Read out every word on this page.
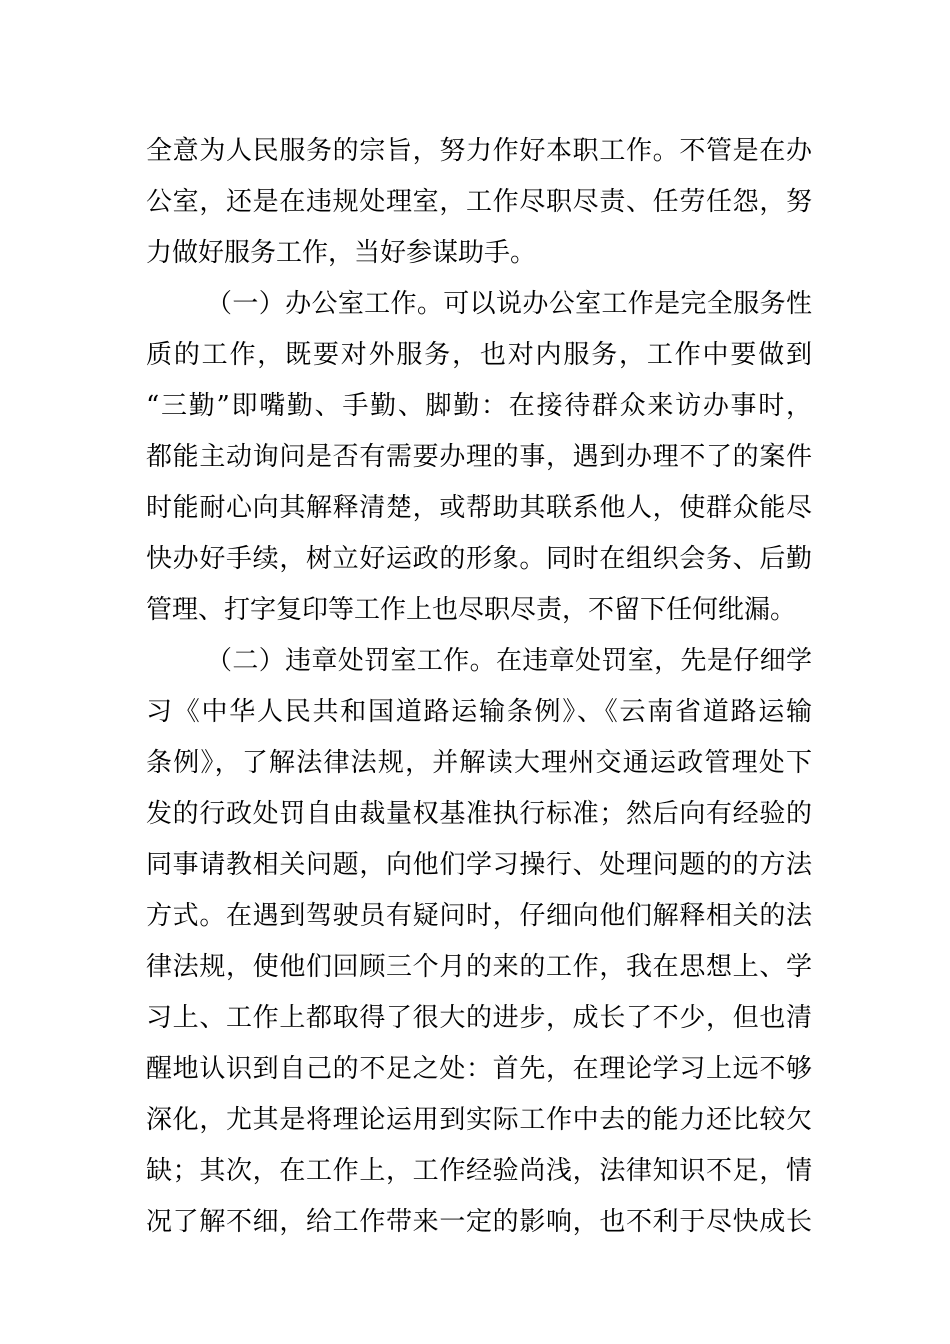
全意为人民服务的宗旨，努力作好本职工作。不管是在办
公室，还是在违规处理室，工作尽职尽责、任劳任怨，努
力做好服务工作，当好参谋助手。
（一）办公室工作。可以说办公室工作是完全服务性
质的工作，既要对外服务，也对内服务，工作中要做到
“三勤”即嘴勤、手勤、脚勤：在接待群众来访办事时，
都能主动询问是否有需要办理的事，遇到办理不了的案件
时能耐心向其解释清楚，或帮助其联系他人，使群众能尽
快办好手续，树立好运政的形象。同时在组织会务、后勤
管理、打字复印等工作上也尽职尽责，不留下任何纰漏。
（二）违章处罚室工作。在违章处罚室，先是仔细学
习《中华人民共和国道路运输条例》、《云南省道路运输
条例》，了解法律法规，并解读大理州交通运政管理处下
发的行政处罚自由裁量权基准执行标准；然后向有经验的
同事请教相关问题，向他们学习操行、处理问题的的方法
方式。在遇到驾驶员有疑问时，仔细向他们解释相关的法
律法规，使他们回顾三个月的来的工作，我在思想上、学
习上、工作上都取得了很大的进步，成长了不少，但也清
醒地认识到自己的不足之处：首先，在理论学习上远不够
深化，尤其是将理论运用到实际工作中去的能力还比较欠
缺；其次，在工作上，工作经验尚浅，法律知识不足，情
况了解不细，给工作带来一定的影响，也不利于尽快成长
